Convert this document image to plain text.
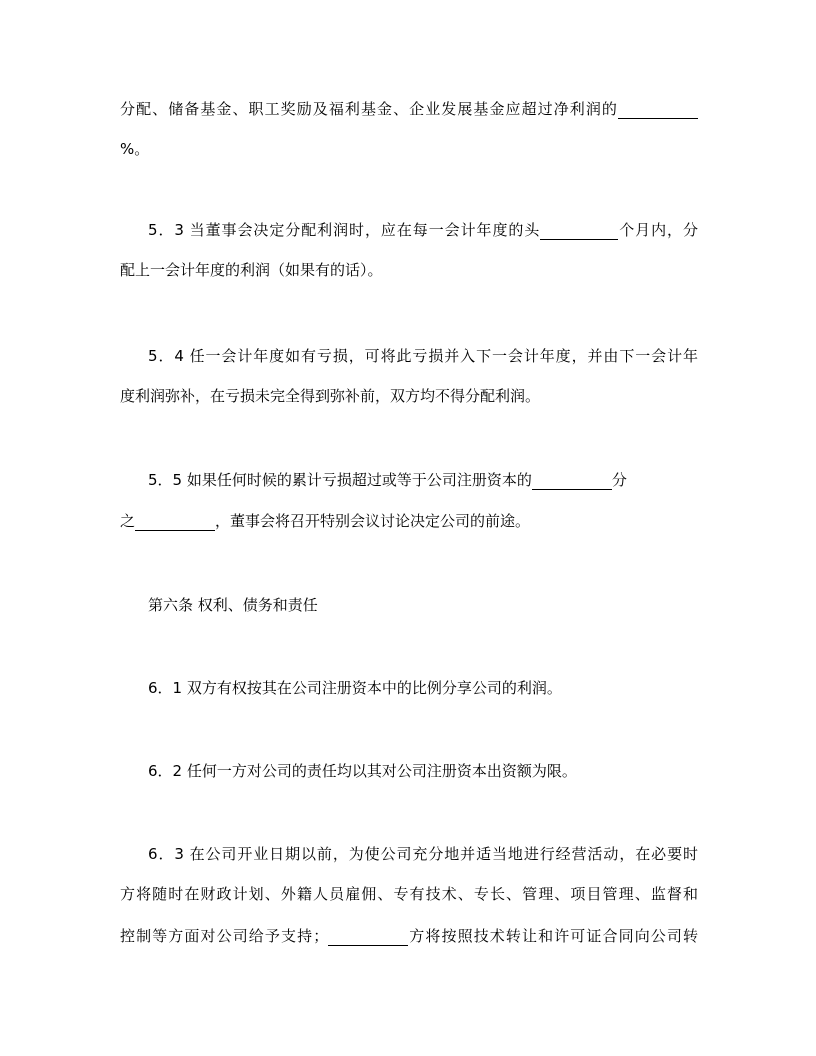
分配、储备基金、职工奖励及福利基金、企业发展基金应超过净利润的
%。
5．3 当董事会决定分配利润时，应在每一会计年度的头	个月内，分
配上一会计年度的利润（如果有的话）。
5．4 任一会计年度如有亏损，可将此亏损并入下一会计年度，并由下一会计年
度利润弥补，在亏损未完全得到弥补前，双方均不得分配利润。
5．5 如果任何时候的累计亏损超过或等于公司注册资本的	分
之	，董事会将召开特别会议讨论决定公司的前途。
第六条 权利、债务和责任
6．1 双方有权按其在公司注册资本中的比例分享公司的利润。
6．2 任何一方对公司的责任均以其对公司注册资本出资额为限。
6．3 在公司开业日期以前，为使公司充分地并适当地进行经营活动，在必要时
方将随时在财政计划、外籍人员雇佣、专有技术、专长、管理、项目管理、监督和
控制等方面对公司给予支持；	方将按照技术转让和许可证合同向公司转
